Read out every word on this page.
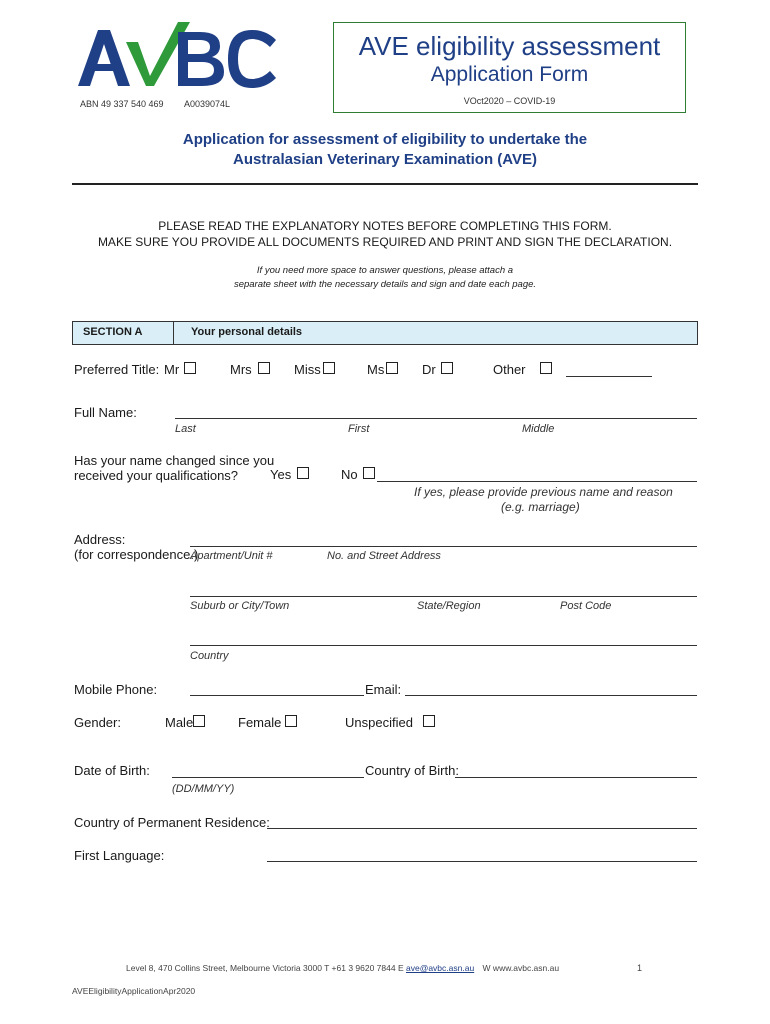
ABN 49 337 540 469 A0039074L
AVE eligibility assessment
Application Form
VOct2020 – COVID-19
Application for assessment of eligibility to undertake the
Australasian Veterinary Examination (AVE)
PLEASE READ THE EXPLANATORY NOTES BEFORE COMPLETING THIS FORM.
MAKE SURE YOU PROVIDE ALL DOCUMENTS REQUIRED AND PRINT AND SIGN THE DECLARATION.
If you need more space to answer questions, please attach a
separate sheet with the necessary details and sign and date each page.
SECTION A	Your personal details
Preferred Title: Mr	Mrs	Miss	Ms	Dr	Other
Full Name:
Last	First	Middle
Has your name changed since you
received your qualifications? Yes	No
If yes, please provide previous name and reason
(e.g. marriage)
Address:
(for correspondence.)
Apartment/Unit #	No. and Street Address
Suburb or City/Town	State/Region	Post Code
Country
Mobile Phone:	Email:
Gender:	Male	Female	Unspecified
Date of Birth:
(DD/MM/YY)
Country of Birth:
Country of Permanent Residence:
First Language:
Level 8, 470 Collins Street, Melbourne Victoria 3000 T +61 3 9620 7844 E ave@avbc.asn.au W www.avbc.asn.au	1
AVEEligibilityApplicationApr2020
